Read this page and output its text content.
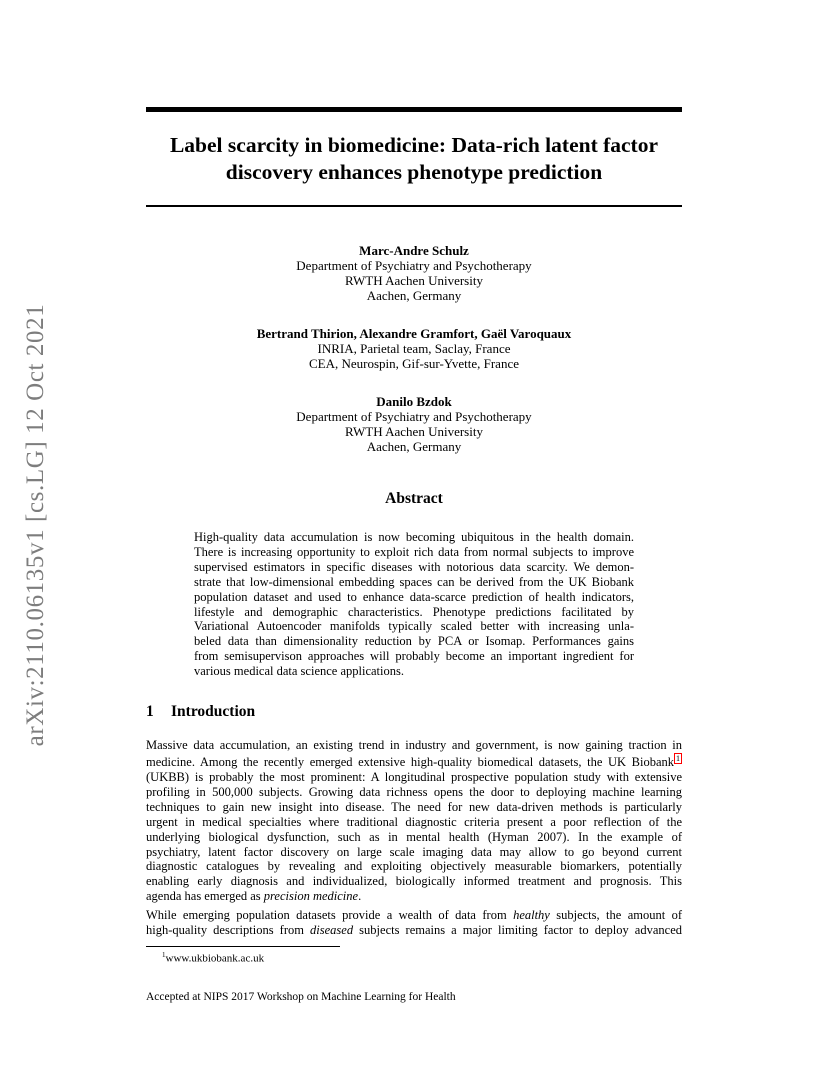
arXiv:2110.06135v1 [cs.LG] 12 Oct 2021
Label scarcity in biomedicine: Data-rich latent factor
discovery enhances phenotype prediction
Marc-Andre Schulz
Department of Psychiatry and Psychotherapy
RWTH Aachen University
Aachen, Germany
Bertrand Thirion, Alexandre Gramfort, Gaël Varoquaux
INRIA, Parietal team, Saclay, France
CEA, Neurospin, Gif-sur-Yvette, France
Danilo Bzdok
Department of Psychiatry and Psychotherapy
RWTH Aachen University
Aachen, Germany
Abstract
High-quality data accumulation is now becoming ubiquitous in the health domain.
There is increasing opportunity to exploit rich data from normal subjects to improve
supervised estimators in specific diseases with notorious data scarcity. We demon-
strate that low-dimensional embedding spaces can be derived from the UK Biobank
population dataset and used to enhance data-scarce prediction of health indicators,
lifestyle and demographic characteristics. Phenotype predictions facilitated by
Variational Autoencoder manifolds typically scaled better with increasing unla-
beled data than dimensionality reduction by PCA or Isomap. Performances gains
from semisupervison approaches will probably become an important ingredient for
various medical data science applications.
1 Introduction
Massive data accumulation, an existing trend in industry and government, is now gaining traction in
medicine. Among the recently emerged extensive high-quality biomedical datasets, the UK Biobank 1
(UKBB) is probably the most prominent: A longitudinal prospective population study with extensive
profiling in 500,000 subjects. Growing data richness opens the door to deploying machine learning
techniques to gain new insight into disease. The need for new data-driven methods is particularly
urgent in medical specialties where traditional diagnostic criteria present a poor reflection of the
underlying biological dysfunction, such as in mental health (Hyman 2007). In the example of
psychiatry, latent factor discovery on large scale imaging data may allow to go beyond current
diagnostic catalogues by revealing and exploiting objectively measurable biomarkers, potentially
enabling early diagnosis and individualized, biologically informed treatment and prognosis. This
agenda has emerged as precision medicine.
While emerging population datasets provide a wealth of data from healthy subjects, the amount of
high-quality descriptions from diseased subjects remains a major limiting factor to deploy advanced
$^1$www.ukbiobank.ac.uk
Accepted at NIPS 2017 Workshop on Machine Learning for Health
